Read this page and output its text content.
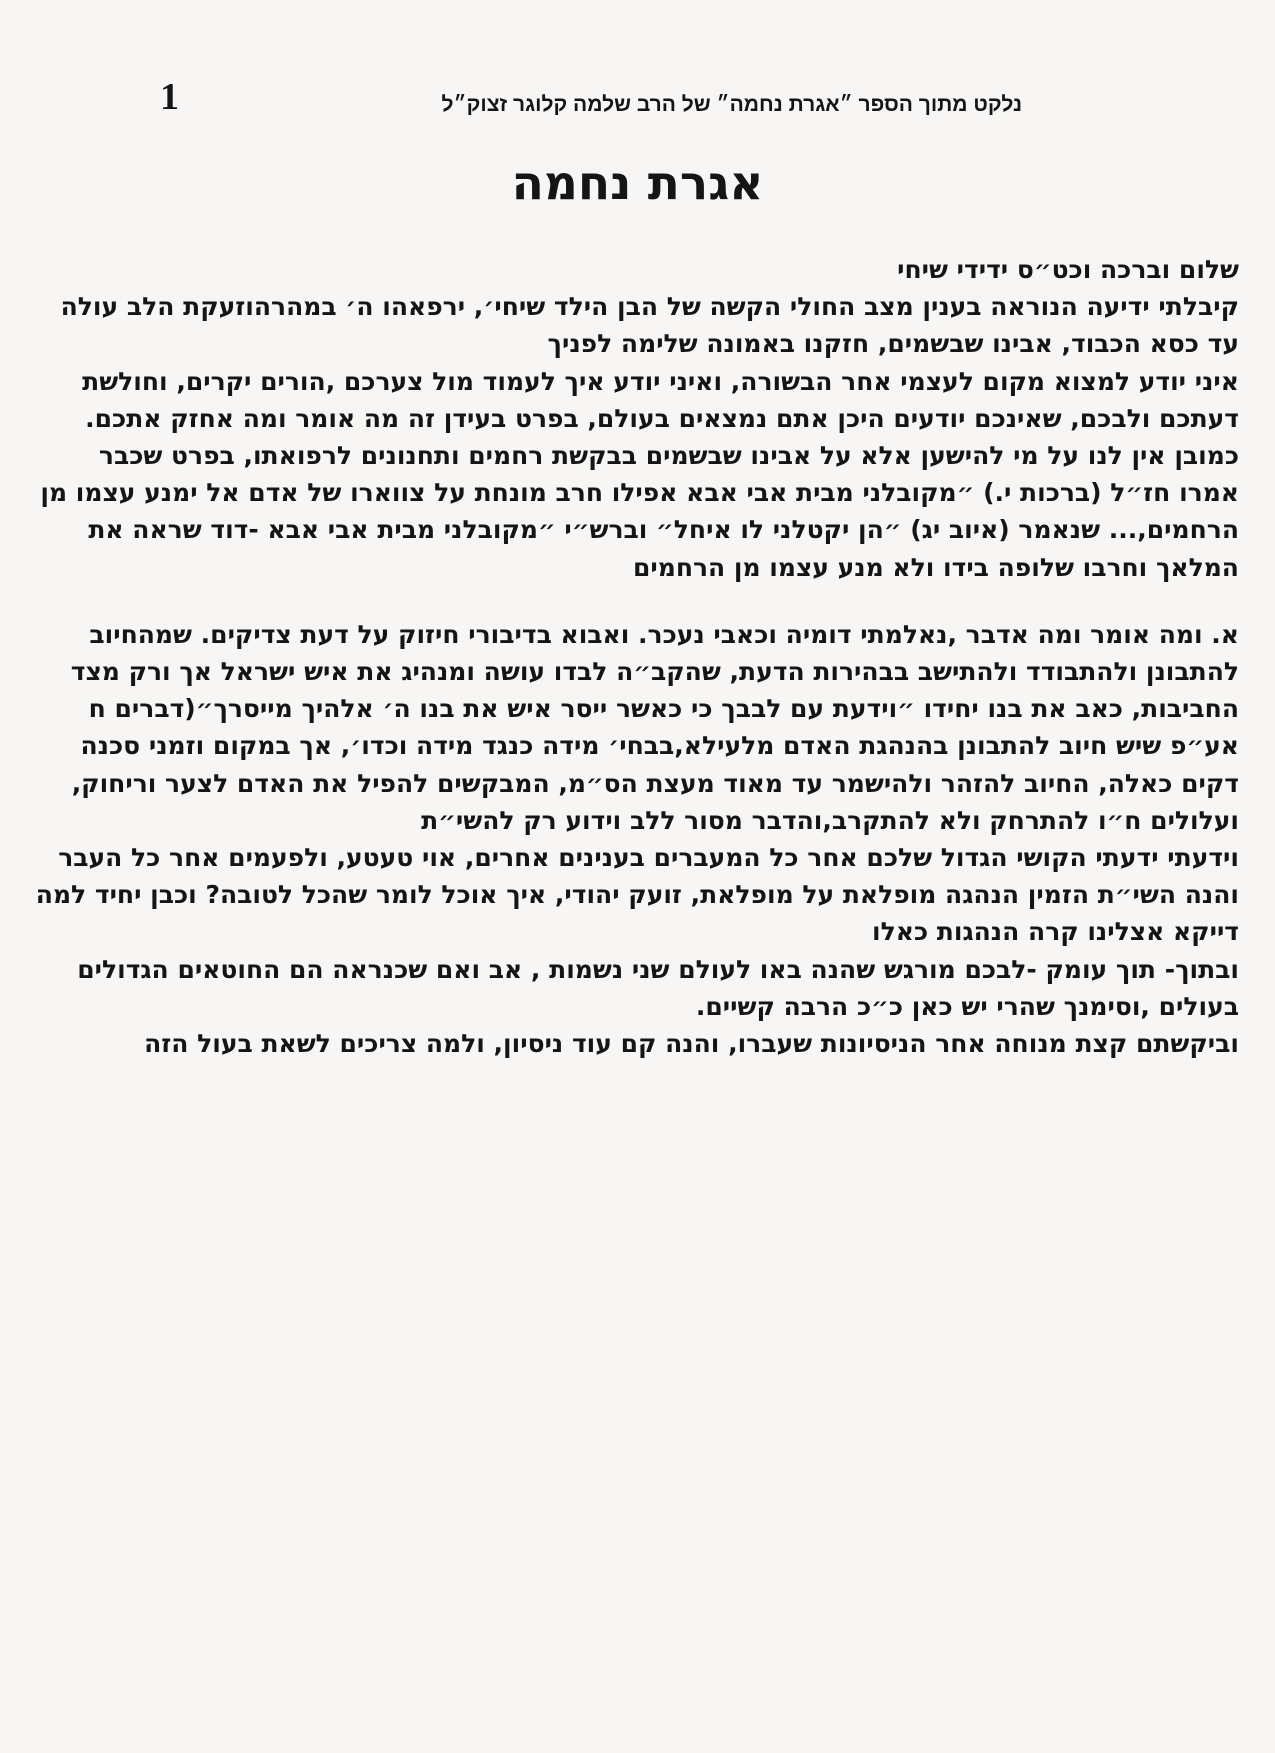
1	נלקט מתוך הספר ״אגרת נחמה״ של הרב שלמה קלוגר זצוק״ל
אגרת נחמה

שלום וברכה וכט״ס ידידי שיחי

קיבלתי ידיעה הנוראה בענין מצב החולי הקשה של הבן הילד שיחי׳, ירפאהו ה׳ במהרהוזעקת הלב עולה עד כסא הכבוד, אבינו שבשמים, חזקנו באמונה שלימה לפניך

איני יודע למצוא מקום לעצמי אחר הבשורה, ואיני יודע איך לעמוד מול צערכם ,הורים יקרים, וחולשת דעתכם ולבכם, שאינכם יודעים היכן אתם נמצאים בעולם, בפרט בעידן זה מה אומר ומה אחזק אתכם. כמובן אין לנו על מי להישען אלא על אבינו שבשמים בבקשת רחמים ותחנונים לרפואתו, בפרט שכבר אמרו חז״ל (ברכות י.) ״מקובלני מבית אבי אבא אפילו חרב מונחת על צווארו של אדם אל ימנע עצמו מן הרחמים,... שנאמר (איוב יג) ״הן יקטלני לו איחל״ וברש״י ״מקובלני מבית אבי אבא -דוד שראה את המלאך וחרבו שלופה בידו ולא מנע עצמו מן הרחמים

א. ומה אומר ומה אדבר ,נאלמתי דומיה וכאבי נעכר. ואבוא בדיבורי חיזוק על דעת צדיקים. שמהחיוב להתבונן ולהתבודד ולהתישב בבהירות הדעת, שהקב״ה לבדו עושה ומנהיג את איש ישראל אך ורק מצד החביבות, כאב את בנו יחידו ״וידעת עם לבבך כי כאשר ייסר איש את בנו ה׳ אלהיך מייסרך״(דברים ח אע״פ שיש חיוב להתבונן בהנהגת האדם מלעילא,בבחי׳ מידה כנגד מידה וכדו׳, אך במקום וזמני סכנה דקים כאלה, החיוב להזהר ולהישמר עד מאוד מעצת הס״מ, המבקשים להפיל את האדם לצער וריחוק, ועלולים ח״ו להתרחק ולא להתקרב,והדבר מסור ללב וידוע רק להשי״ת

וידעתי ידעתי הקושי הגדול שלכם אחר כל המעברים בענינים אחרים, אוי טעטע, ולפעמים אחר כל העבר והנה השי״ת הזמין הנהגה מופלאת על מופלאת, זועק יהודי, איך אוכל לומר שהכל לטובה? וכבן יחיד למה דייקא אצלינו קרה הנהגות כאלו

ובתוך- תוך עומק -לבכם מורגש שהנה באו לעולם שני נשמות , אב ואם שכנראה הם החוטאים הגדולים בעולים ,וסימנך שהרי יש כאן כ״כ הרבה קשיים.

וביקשתם קצת מנוחה אחר הניסיונות שעברו, והנה קם עוד ניסיון, ולמה צריכים לשאת בעול הזה
